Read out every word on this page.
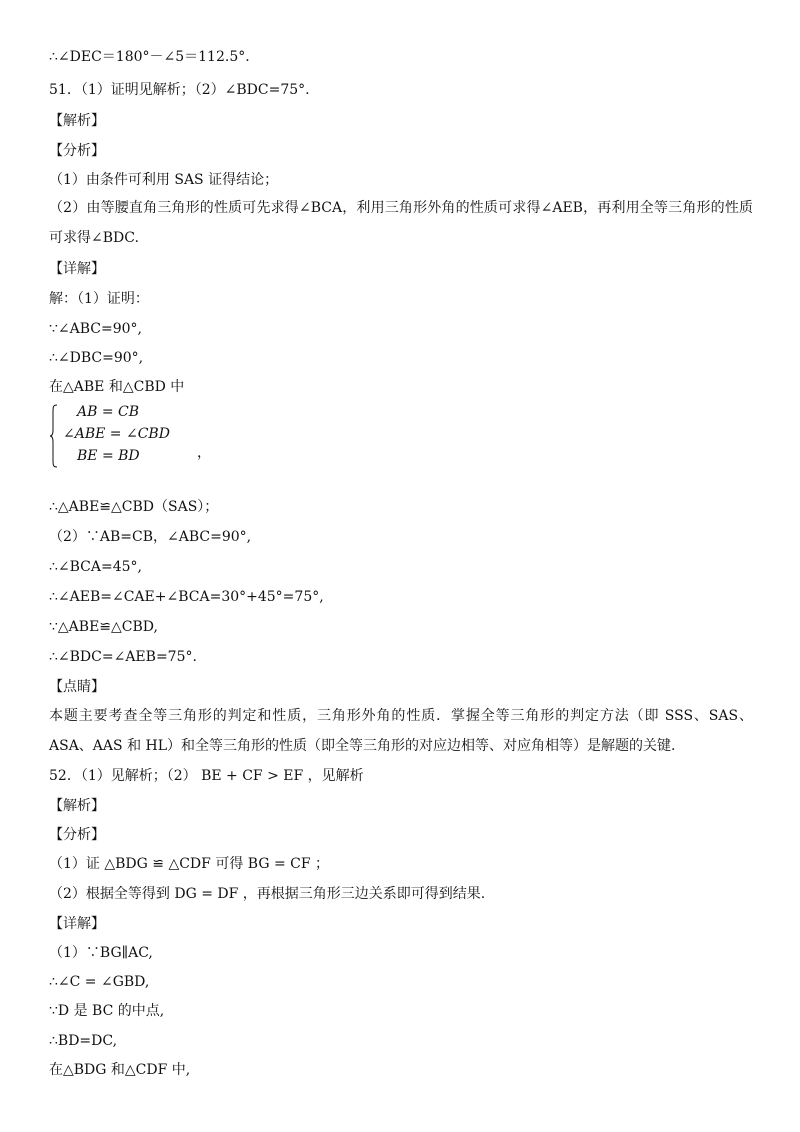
∴∠DEC＝180°－∠5＝112.5°.
51．（1）证明见解析；（2）∠BDC=75°.
【解析】
【分析】
（1）由条件可利用 SAS 证得结论；
（2）由等腰直角三角形的性质可先求得∠BCA，利用三角形外角的性质可求得∠AEB，再利用全等三角形的性质可求得∠BDC.
【详解】
解：（1）证明：
∵∠ABC=90°,
∴∠DBC=90°,
在△ABE 和△CBD 中
AB = CB
∠ABE = ∠CBD
BE = BD	，
∴△ABE≌△CBD（SAS）；
（2）∵AB=CB，∠ABC=90°,
∴∠BCA=45°,
∴∠AEB=∠CAE+∠BCA=30°+45°=75°,
∵△ABE≌△CBD,
∴∠BDC=∠AEB=75°.
【点睛】
本题主要考查全等三角形的判定和性质，三角形外角的性质．掌握全等三角形的判定方法（即 SSS、SAS、ASA、AAS 和 HL）和全等三角形的性质（即全等三角形的对应边相等、对应角相等）是解题的关键.
52．（1）见解析；（2） BE + CF > EF ，见解析
【解析】
【分析】
（1）证 △BDG ≌ △CDF 可得 BG = CF ；
（2）根据全等得到 DG = DF ，再根据三角形三边关系即可得到结果.
【详解】
（1）∵BG∥AC,
∴∠C = ∠GBD,
∵D 是 BC 的中点,
∴BD=DC,
在△BDG 和△CDF 中,
